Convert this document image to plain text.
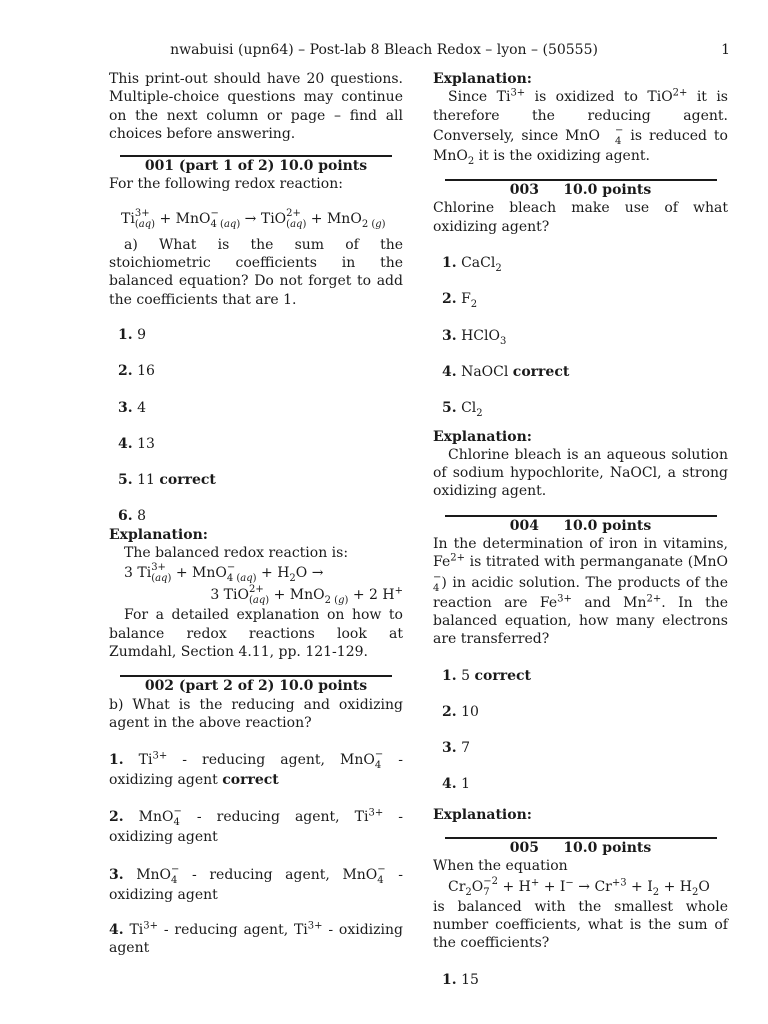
nwabuisi (upn64) – Post-lab 8 Bleach Redox – lyon – (50555)	1

This print-out should have 20 questions. Multiple-choice questions may continue on the next column or page – find all choices before answering.

001 (part 1 of 2) 10.0 points

For the following redox reaction:

Ti 3+
(aq) + MnO −
4 (aq) → TiO 2+
(aq) + MnO$_{2 (g)}$

a) What is the sum of the stoichiometric coefficients in the balanced equation? Do not forget to add the coefficients that are 1.

1. 9

2. 16

3. 4

4. 13

5. 11 correct

6. 8

Explanation:

The balanced redox reaction is:

3 Ti 3+
(aq) + MnO −
4 $(aq) + H_2O$ →

3 TiO 2+
(aq) + MnO$_{2 (g)}$ + 2 H+

For a detailed explanation on how to balance redox reactions look at Zumdahl, Section 4.11, pp. 121-129.

002 (part 2 of 2) 10.0 points

b) What is the reducing and oxidizing agent in the above reaction?

1. $Ti^{3+}$ - reducing agent, MnO −
4 - oxidizing agent correct

2. MnO −
4 - reducing agent, $Ti^{3+}$ - oxidizing agent

3. MnO −
4 - reducing agent, MnO −
4 - oxidizing agent

4. $Ti^{3+}$ - reducing agent, $Ti^{3+}$ - oxidizing agent

Explanation:

Since $Ti^{3+}$ is oxidized to TiO$^{2+}$ it is therefore the reducing agent. Conversely, since MnO	−
4 is reduced to MnO$_2$ it is the oxidizing agent.

003     10.0 points

Chlorine bleach make use of what oxidizing agent?

1. CaCl$_2$

2. $F_2$

3. HClO$_3$

4. NaOCl correct

5. $Cl_2$

Explanation:

Chlorine bleach is an aqueous solution of sodium hypochlorite, NaOCl, a strong oxidizing agent.

004     10.0 points

In the determination of iron in vitamins, $Fe^{2+}$ is titrated with permanganate (MnO
−
4 ) in acidic solution. The products of the reaction are $Fe^{3+}$ and $Mn^{2+}$. In the balanced equation, how many electrons are transferred?

1. 5 correct

2. 10

3. 7

4. 1

Explanation:

005     10.0 points

When the equation

$Cr_2O -2$
$7 + H^+ + I^- \to Cr^{+3} + I_2 + H_2O$

is balanced with the smallest whole number coefficients, what is the sum of the coefficients?

1. 15
